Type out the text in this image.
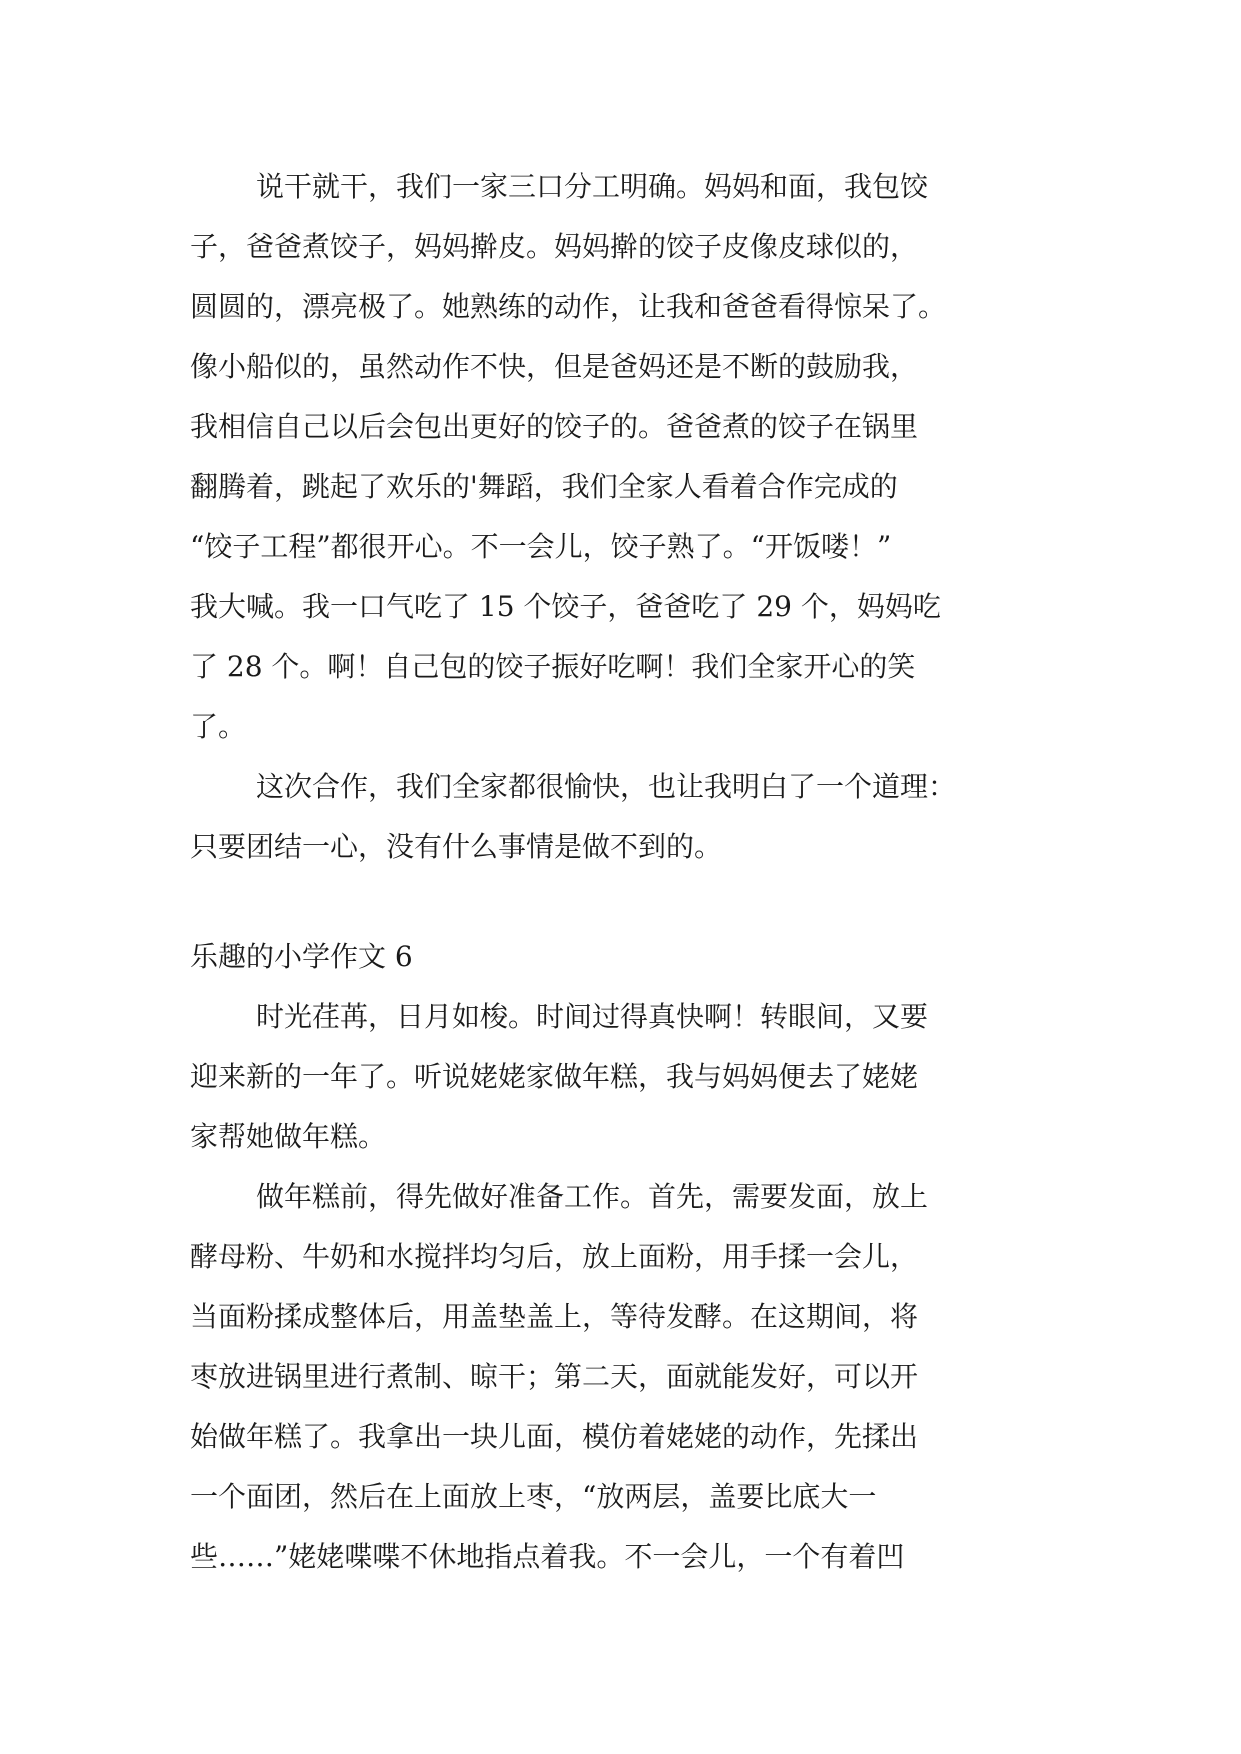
说干就干，我们一家三口分工明确。妈妈和面，我包饺
子，爸爸煮饺子，妈妈擀皮。妈妈擀的饺子皮像皮球似的，
圆圆的，漂亮极了。她熟练的动作，让我和爸爸看得惊呆了。
像小船似的，虽然动作不快，但是爸妈还是不断的鼓励我，
我相信自己以后会包出更好的饺子的。爸爸煮的饺子在锅里
翻腾着，跳起了欢乐的'舞蹈，我们全家人看着合作完成的
“饺子工程”都很开心。不一会儿，饺子熟了。“开饭喽！”
我大喊。我一口气吃了 15 个饺子，爸爸吃了 29 个，妈妈吃
了 28 个。啊！自己包的饺子振好吃啊！我们全家开心的笑
了。
这次合作，我们全家都很愉快，也让我明白了一个道理：
只要团结一心，没有什么事情是做不到的。
乐趣的小学作文 6
时光荏苒，日月如梭。时间过得真快啊！转眼间，又要
迎来新的一年了。听说姥姥家做年糕，我与妈妈便去了姥姥
家帮她做年糕。
做年糕前，得先做好准备工作。首先，需要发面，放上
酵母粉、牛奶和水搅拌均匀后，放上面粉，用手揉一会儿，
当面粉揉成整体后，用盖垫盖上，等待发酵。在这期间，将
枣放进锅里进行煮制、晾干；第二天，面就能发好，可以开
始做年糕了。我拿出一块儿面，模仿着姥姥的动作，先揉出
一个面团，然后在上面放上枣，“放两层，盖要比底大一
些……”姥姥喋喋不休地指点着我。不一会儿，一个有着凹
